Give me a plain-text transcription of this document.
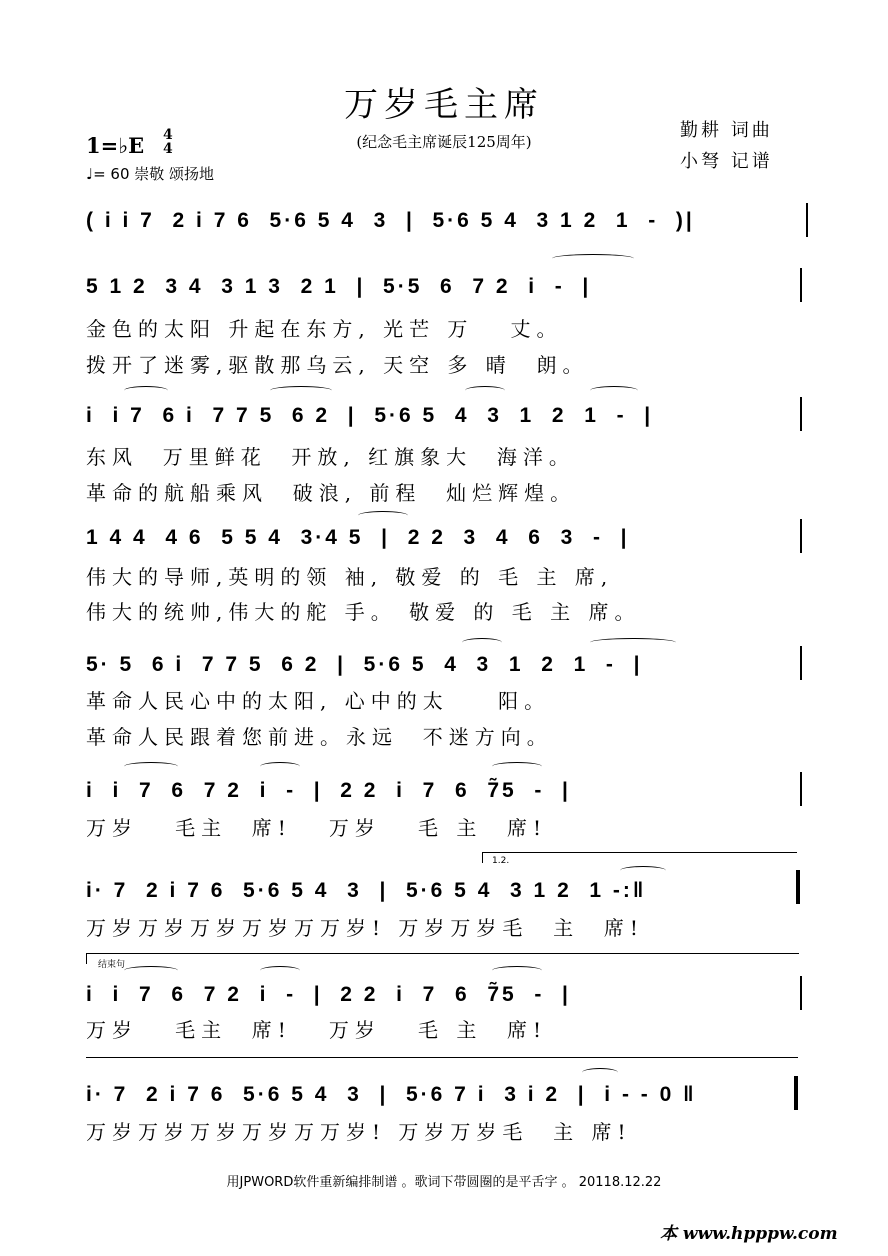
万岁毛主席
(纪念毛主席诞辰125周年)
1=♭E 4
4
♩= 60 崇敬 颂扬地
勤耕 词曲
小弩 记谱
( i i 7  2 i 7 6  5·6 5 4  3  |  5·6 5 4  3 1 2  1  -  )|
5 1 2  3 4  3 1 3  2 1  |  5·5  6  7 2  i  -  |
金色的太阳 升起在东方, 光芒 万   丈。
拨开了迷雾,驱散那乌云, 天空 多 晴  朗。
i  i 7  6 i  7 7 5  6 2  |  5·6 5  4  3  1  2  1  -  |
东风  万里鲜花  开放, 红旗象大  海洋。
革命的航船乘风  破浪, 前程  灿烂辉煌。
1 4 4  4 6  5 5 4  3·4 5  |  2 2  3  4  6  3  -  |
伟大的导师,英明的领 袖, 敬爱 的 毛 主 席,
伟大的统帅,伟大的舵 手。 敬爱 的 毛 主 席。
5· 5  6 i  7 7 5  6 2  |  5·6 5  4  3  1  2  1  -  |
革命人民心中的太阳, 心中的太    阳。
革命人民跟着您前进。永远  不迷方向。
i  i  7  6  7 2  i  -  |  2 2  i  7  6  7̃5  -  |
万岁   毛主  席!   万岁   毛 主  席!
1.2.
i· 7  2 i 7 6  5·6 5 4  3  |  5·6 5 4  3 1 2  1 -:‖
万岁万岁万岁万岁万万岁! 万岁万岁毛  主  席!
结束句
i  i  7  6  7 2  i  -  |  2 2  i  7  6  7̃5  -  |
万岁   毛主  席!   万岁   毛 主  席!
i· 7  2 i 7 6  5·6 5 4  3  |  5·6 7 i  3 i 2  |  i - - 0 ‖
万岁万岁万岁万岁万万岁! 万岁万岁毛  主 席!
用JPWORD软件重新编排制谱 。歌词下带圆圈的是平舌字 。 20118.12.22
本 www.hpppw.com
